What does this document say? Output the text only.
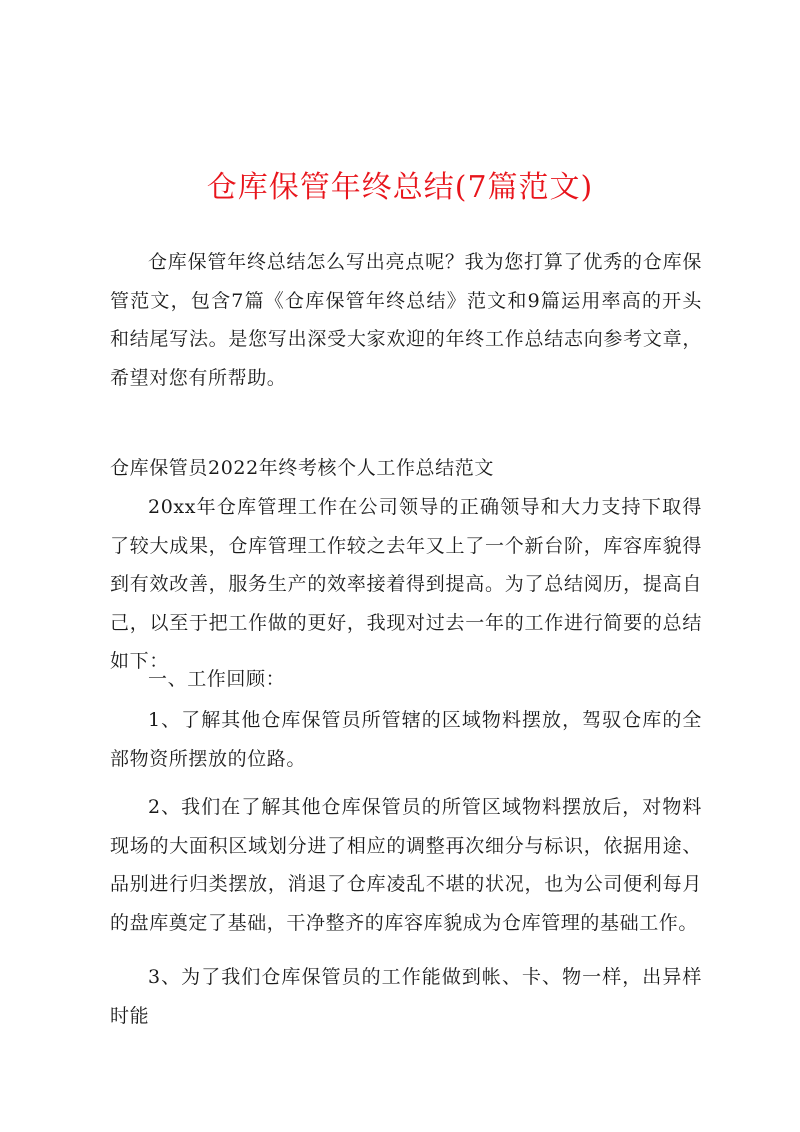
仓库保管年终总结(7篇范文)

仓库保管年终总结怎么写出亮点呢？我为您打算了优秀的仓库保管范文，包含7篇《仓库保管年终总结》范文和9篇运用率高的开头和结尾写法。是您写出深受大家欢迎的年终工作总结志向参考文章，希望对您有所帮助。

仓库保管员2022年终考核个人工作总结范文

20xx年仓库管理工作在公司领导的正确领导和大力支持下取得了较大成果，仓库管理工作较之去年又上了一个新台阶，库容库貌得到有效改善，服务生产的效率接着得到提高。为了总结阅历，提高自己，以至于把工作做的更好，我现对过去一年的工作进行简要的总结如下：

一、工作回顾：

1、了解其他仓库保管员所管辖的区域物料摆放，驾驭仓库的全部物资所摆放的位路。

2、我们在了解其他仓库保管员的所管区域物料摆放后，对物料现场的大面积区域划分进了相应的调整再次细分与标识，依据用途、品别进行归类摆放，消退了仓库凌乱不堪的状况，也为公司便利每月的盘库奠定了基础，干净整齐的库容库貌成为仓库管理的基础工作。

3、为了我们仓库保管员的工作能做到帐、卡、物一样，出异样时能
